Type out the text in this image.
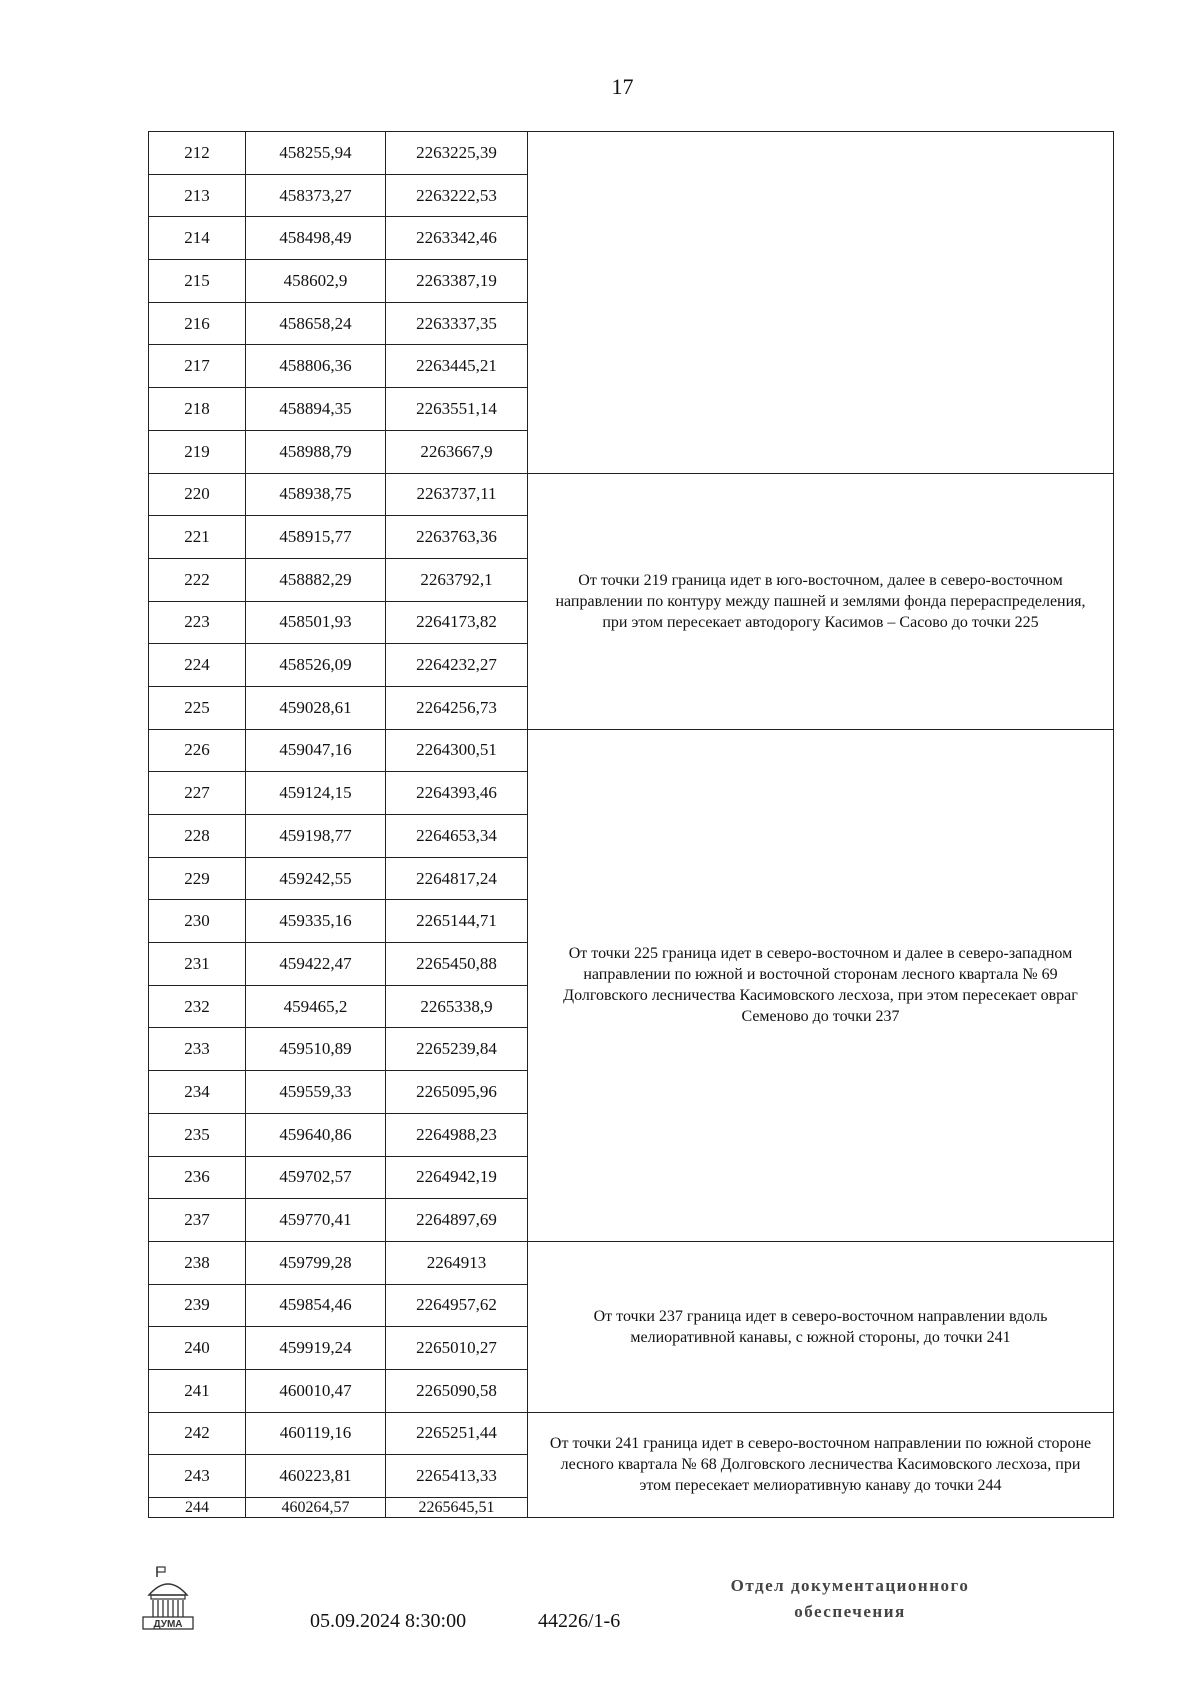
17
212	458255,94	2263225,39	
213	458373,27	2263222,53	
214	458498,49	2263342,46	
215	458602,9	2263387,19	
216	458658,24	2263337,35	
217	458806,36	2263445,21	
218	458894,35	2263551,14	
219	458988,79	2263667,9	
220	458938,75	2263737,11	От точки 219 граница идет в юго-восточном, далее в северо-восточном направлении по контуру между пашней и землями фонда перераспределения, при этом пересекает автодорогу Касимов – Сасово до точки 225
221	458915,77	2263763,36	
222	458882,29	2263792,1	
223	458501,93	2264173,82	
224	458526,09	2264232,27	
225	459028,61	2264256,73	
226	459047,16	2264300,51	От точки 225 граница идет в северо-восточном и далее в северо-западном направлении по южной и восточной сторонам лесного квартала № 69 Долговского лесничества Касимовского лесхоза, при этом пересекает овраг Семеново до точки 237
227	459124,15	2264393,46	
228	459198,77	2264653,34	
229	459242,55	2264817,24	
230	459335,16	2265144,71	
231	459422,47	2265450,88	
232	459465,2	2265338,9	
233	459510,89	2265239,84	
234	459559,33	2265095,96	
235	459640,86	2264988,23	
236	459702,57	2264942,19	
237	459770,41	2264897,69	
238	459799,28	2264913	От точки 237 граница идет в северо-восточном направлении вдоль мелиоративной канавы, с южной стороны, до точки 241
239	459854,46	2264957,62	
240	459919,24	2265010,27	
241	460010,47	2265090,58	
242	460119,16	2265251,44	От точки 241 граница идет в северо-восточном направлении по южной стороне лесного квартала № 68 Долговского лесничества Касимовского лесхоза, при этом пересекает мелиоративную канаву до точки 244
243	460223,81	2265413,33	
244	460264,57	2265645,51	
ДУМА	05.09.2024 8:30:00	44226/1-6
Отдел документационного
обеспечения
